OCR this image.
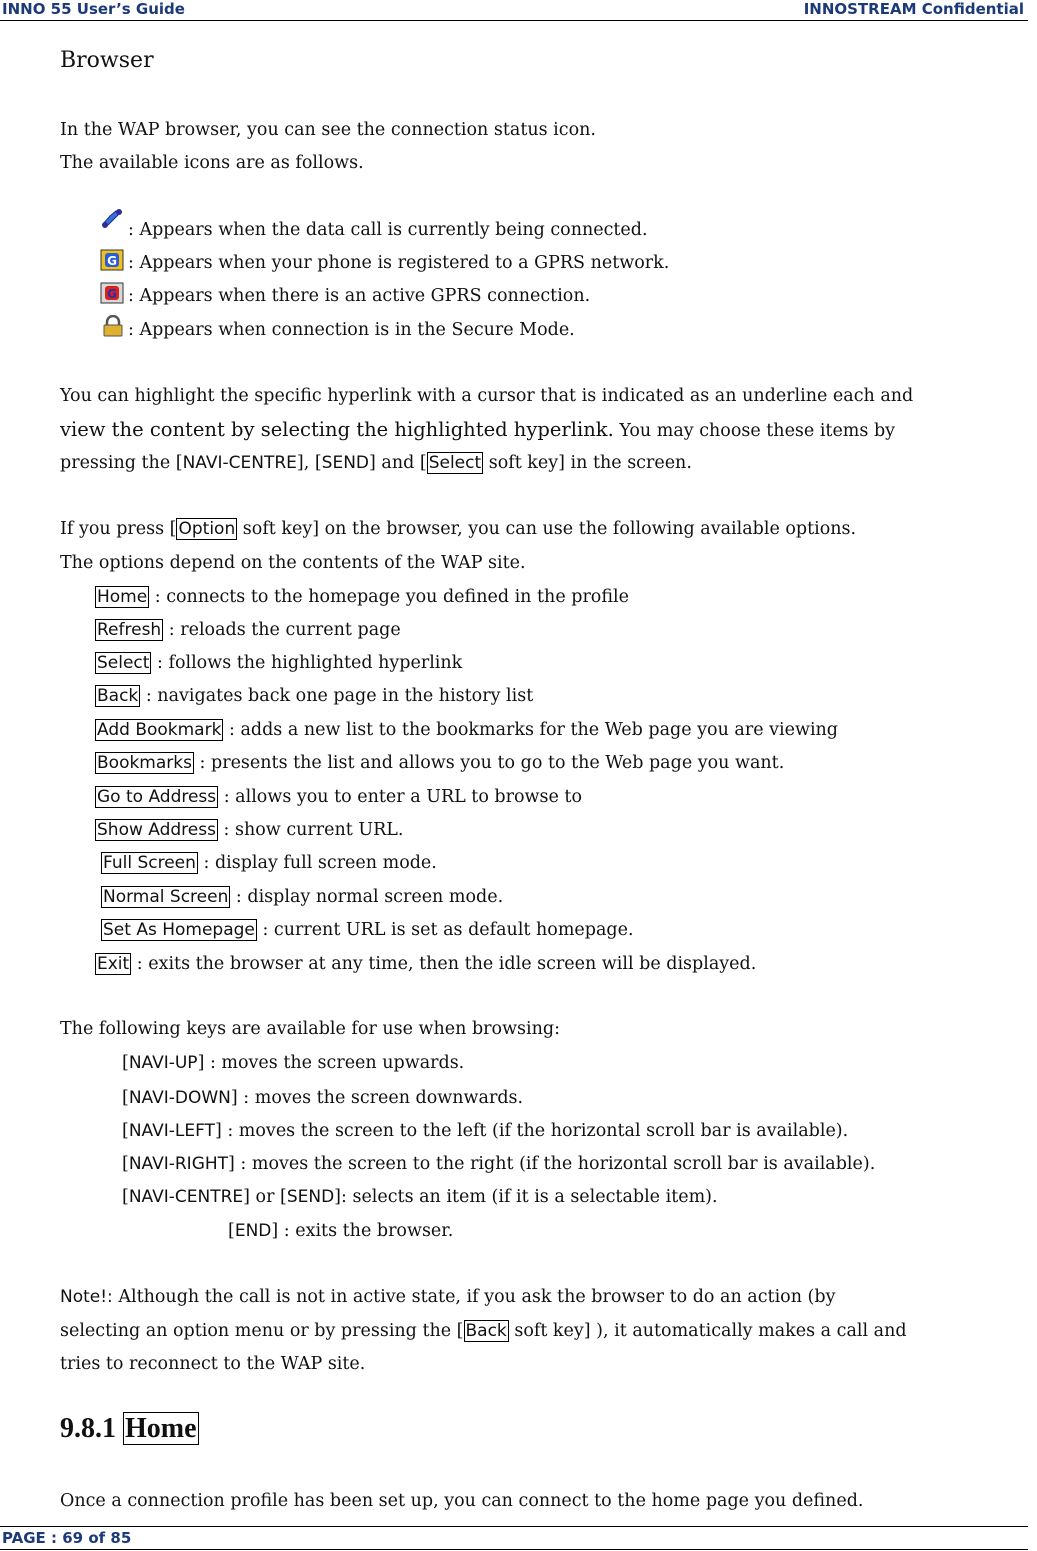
INNO 55 User’s Guide	INNOSTREAM Confidential
Browser
In the WAP browser, you can see the connection status icon.
The available icons are as follows.
: Appears when the data call is currently being connected.
G : Appears when your phone is registered to a GPRS network.
G : Appears when there is an active GPRS connection.
: Appears when connection is in the Secure Mode.
You can highlight the specific hyperlink with a cursor that is indicated as an underline each and
view the content by selecting the highlighted hyperlink. You may choose these items by
pressing the [NAVI-CENTRE], [SEND] and [ Select soft key] in the screen.
If you press [ Option soft key] on the browser, you can use the following available options.
The options depend on the contents of the WAP site.
Home : connects to the homepage you defined in the profile
Refresh : reloads the current page
Select : follows the highlighted hyperlink
Back : navigates back one page in the history list
Add Bookmark : adds a new list to the bookmarks for the Web page you are viewing
Bookmarks : presents the list and allows you to go to the Web page you want.
Go to Address : allows you to enter a URL to browse to
Show Address : show current URL.
Full Screen : display full screen mode.
Normal Screen : display normal screen mode.
Set As Homepage : current URL is set as default homepage.
Exit : exits the browser at any time, then the idle screen will be displayed.
The following keys are available for use when browsing:
[NAVI-UP] : moves the screen upwards.
[NAVI-DOWN] : moves the screen downwards.
[NAVI-LEFT] : moves the screen to the left (if the horizontal scroll bar is available).
[NAVI-RIGHT] : moves the screen to the right (if the horizontal scroll bar is available).
[NAVI-CENTRE] or [SEND]: selects an item (if it is a selectable item).
[END] : exits the browser.
Note!: Although the call is not in active state, if you ask the browser to do an action (by
selecting an option menu or by pressing the [ Back soft key] ), it automatically makes a call and
tries to reconnect to the WAP site.
9.8.1 Home
Once a connection profile has been set up, you can connect to the home page you defined.
PAGE : 69 of 85
